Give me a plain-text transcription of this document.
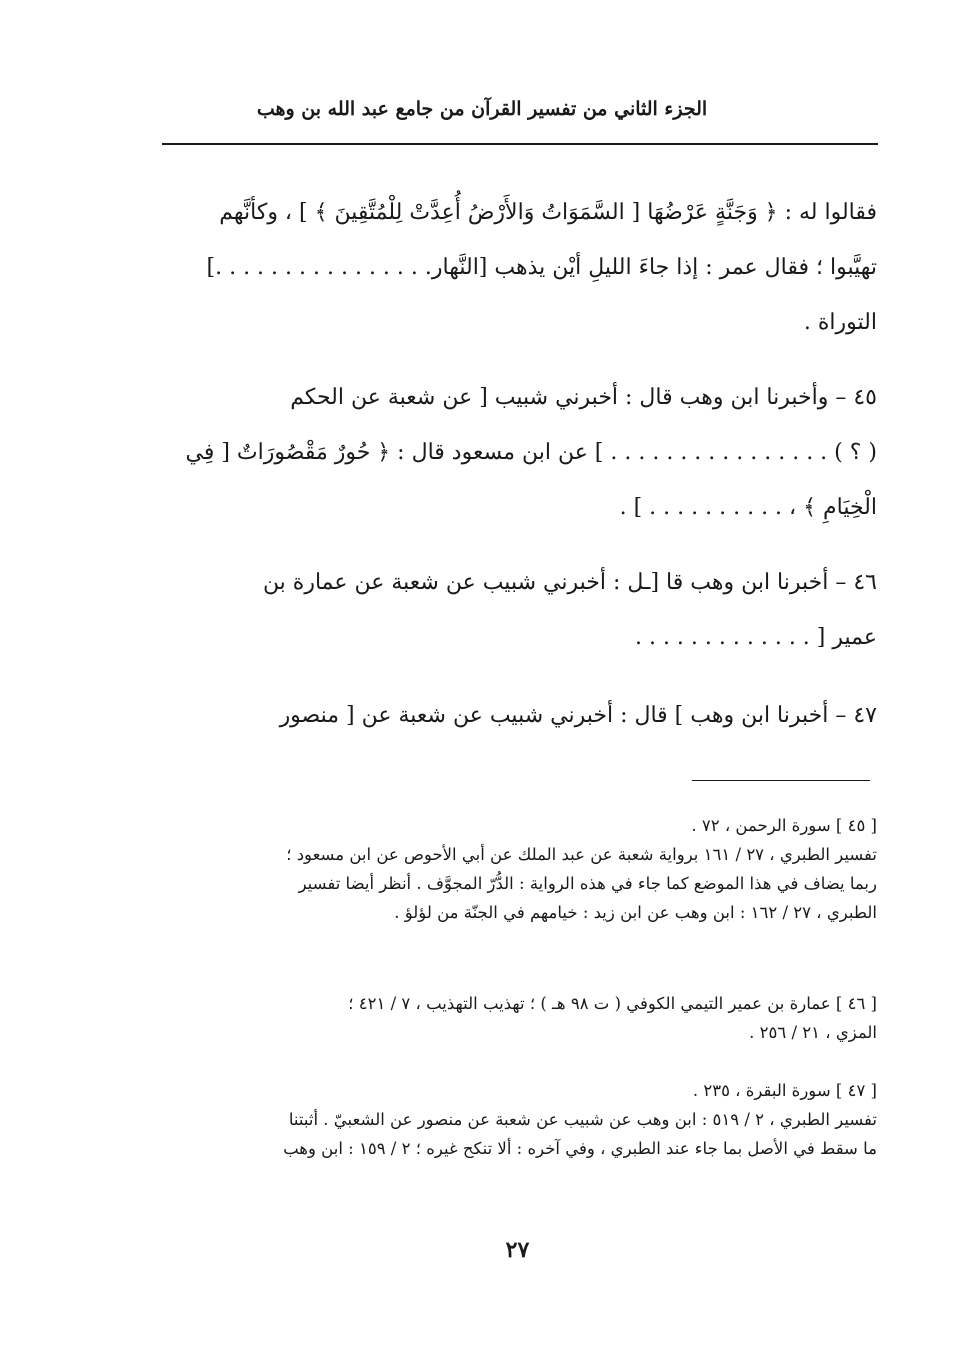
الجزء الثاني من تفسير القرآن من جامع عبد الله بن وهب
فقالوا له : ﴿ وَجَنَّةٍ عَرْضُهَا [ السَّمَوَاتُ وَالأَرْضُ أُعِدَّتْ لِلْمُتَّقِينَ ﴾ ] ، وكأنَّهم
تهيَّبوا ؛ فقال عمر : إذا جاءَ الليلِ أيْن يذهب [النَّهار. . . . . . . . . . . . . . . .]
التوراة .
٤٥ – وأخبرنا ابن وهب قال : أخبرني شبيب [ عن شعبة عن الحكم
( ؟ ) . . . . . . . . . . . . . . . . ] عن ابن مسعود قال : ﴿ حُورٌ مَقْصُورَاتٌ [ فِي
الْخِيَامِ ﴾ ، . . . . . . . . . . ] .
٤٦ – أخبرنا ابن وهب قا [ـل : أخبرني شبيب عن شعبة عن عمارة بن
عمير [ . . . . . . . . . . . . .
٤٧ – أخبرنا ابن وهب ] قال : أخبرني شبيب عن شعبة عن [ منصور
[ ٤٥ ] سورة الرحمن ، ٧٢ .
تفسير الطبري ، ٢٧ / ١٦١ برواية شعبة عن عبد الملك عن أبي الأحوص عن ابن مسعود ؛
ربما يضاف في هذا الموضع كما جاء في هذه الرواية : الدُّرّ المجوَّف . أنظر أيضا تفسير
الطبري ، ٢٧ / ١٦٢ : ابن وهب عن ابن زيد : خيامهم في الجنّة من لؤلؤ .
[ ٤٦ ] عمارة بن عمير التيمي الكوفي ( ت ٩٨ هـ ) ؛ تهذيب التهذيب ، ٧ / ٤٢١ ؛
المزي ، ٢١ / ٢٥٦ .
[ ٤٧ ] سورة البقرة ، ٢٣٥ .
تفسير الطبري ، ٢ / ٥١٩ : ابن وهب عن شبيب عن شعبة عن منصور عن الشعبيّ . أثبتنا
ما سقط في الأصل بما جاء عند الطبري ، وفي آخره : ألا تنكح غيره ؛ ٢ / ١٥٩ : ابن وهب
٢٧
